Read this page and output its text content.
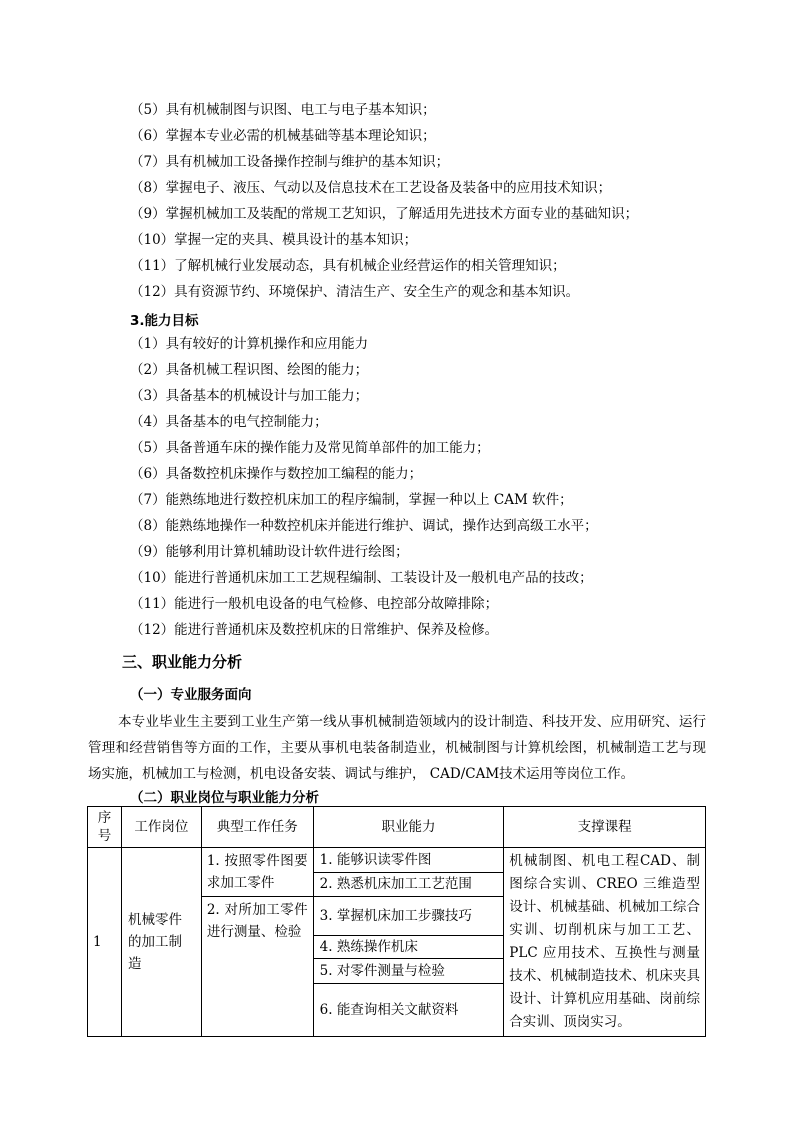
（5）具有机械制图与识图、电工与电子基本知识；
（6）掌握本专业必需的机械基础等基本理论知识；
（7）具有机械加工设备操作控制与维护的基本知识；
（8）掌握电子、液压、气动以及信息技术在工艺设备及装备中的应用技术知识；
（9）掌握机械加工及装配的常规工艺知识，了解适用先进技术方面专业的基础知识；
（10）掌握一定的夹具、模具设计的基本知识；
（11）了解机械行业发展动态，具有机械企业经营运作的相关管理知识；
（12）具有资源节约、环境保护、清洁生产、安全生产的观念和基本知识。
3.能力目标
（1）具有较好的计算机操作和应用能力
（2）具备机械工程识图、绘图的能力；
（3）具备基本的机械设计与加工能力；
（4）具备基本的电气控制能力；
（5）具备普通车床的操作能力及常见简单部件的加工能力；
（6）具备数控机床操作与数控加工编程的能力；
（7）能熟练地进行数控机床加工的程序编制，掌握一种以上 CAM 软件；
（8）能熟练地操作一种数控机床并能进行维护、调试，操作达到高级工水平；
（9）能够利用计算机辅助设计软件进行绘图；
（10）能进行普通机床加工工艺规程编制、工装设计及一般机电产品的技改；
（11）能进行一般机电设备的电气检修、电控部分故障排除；
（12）能进行普通机床及数控机床的日常维护、保养及检修。
三、职业能力分析
（一）专业服务面向
本专业毕业生主要到工业生产第一线从事机械制造领域内的设计制造、科技开发、应用研究、运行管理和经营销售等方面的工作，主要从事机电装备制造业，机械制图与计算机绘图，机械制造工艺与现场实施，机械加工与检测，机电设备安装、调试与维护， CAD/CAM技术运用等岗位工作。
（二）职业岗位与职业能力分析
序号	工作岗位	典型工作任务	职业能力	支撑课程
1	机械零件的加工制造	1. 按照零件图要求加工零件	1. 能够识读零件图	机械制图、机电工程CAD、制图综合实训、CREO 三维造型设计、机械基础、机械加工综合实训、切削机床与加工工艺、PLC 应用技术、互换性与测量技术、机械制造技术、机床夹具设计、计算机应用基础、岗前综合实训、顶岗实习。
			2. 熟悉机床加工工艺范围	
		2. 对所加工零件进行测量、检验	3. 掌握机床加工步骤技巧	
			4. 熟练操作机床	
			5. 对零件测量与检验	
			6. 能查询相关文献资料	
